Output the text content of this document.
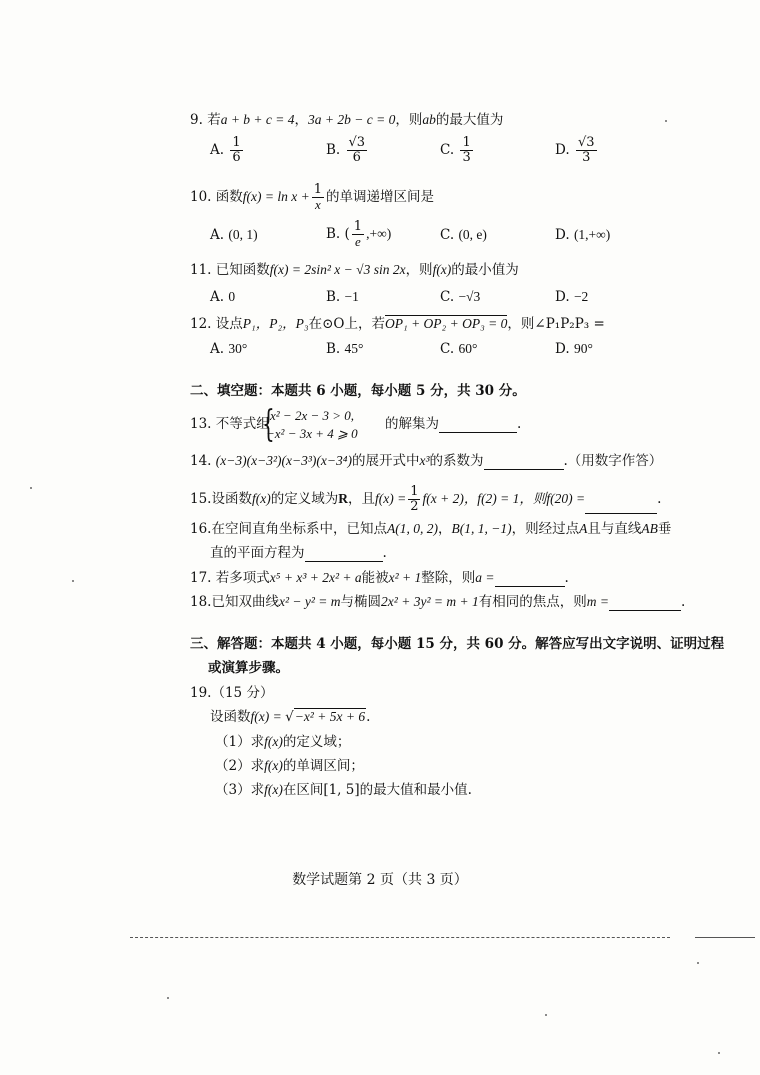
9. 若a + b + c = 4，3a + 2b − c = 0，则ab的最大值为
A. $\frac{1}{6}$	B. $\frac{√3}{6}$	C. $\frac{1}{3}$	D. $\frac{√3}{3}$
10. 函数$f(x) = \ln x + \frac{1}{x}$ 的单调递增区间是
A. (0, 1)	B. ( $\frac{1}{e}$ ,+∞)	C. (0, e)	D. (1,+∞)
11. 已知函数f(x) = 2sin² x − √3 sin 2x，则f(x)的最小值为
A. 0	B. −1	C. −√3	D. −2
12. 设点P₁，P₂，P₃在⊙O上，若OP₁ + OP₂ + OP₃ = 0，则∠P₁P₂P₃ =
A. 30°	B. 45°	C. 60°	D. 90°
二、填空题：本题共 6 小题，每小题 5 分，共 30 分。
13. 不等式组
{
x² − 2x − 3 > 0,
−x² − 3x + 4 ⩾ 0
的解集为	.
14. (x−3)(x−3²)(x−3³)(x−3⁴)的展开式中x³的系数为	.（用数字作答）
15.设函数f(x)的定义域为R，且$f(x) = \frac{1}{2} f(x + 2)$，f(2) = 1，则f(20) =	.
16.在空间直角坐标系中，已知点A(1, 0, 2)，B(1, 1, −1)，则经过点A且与直线AB垂
直的平面方程为	.
17. 若多项式x⁵ + x³ + 2x² + a能被x² + 1整除，则a =	.
18.已知双曲线x² − y² = m与椭圆2x² + 3y² = m + 1有相同的焦点，则m =	.
三、解答题：本题共 4 小题，每小题 15 分，共 60 分。解答应写出文字说明、证明过程
或演算步骤。
19.（15 分）
设函数f(x) = √−x² + 5x + 6.
（1）求f(x)的定义域；
（2）求f(x)的单调区间；
（3）求f(x)在区间[1, 5]的最大值和最小值.
数学试题第 2 页（共 3 页）
